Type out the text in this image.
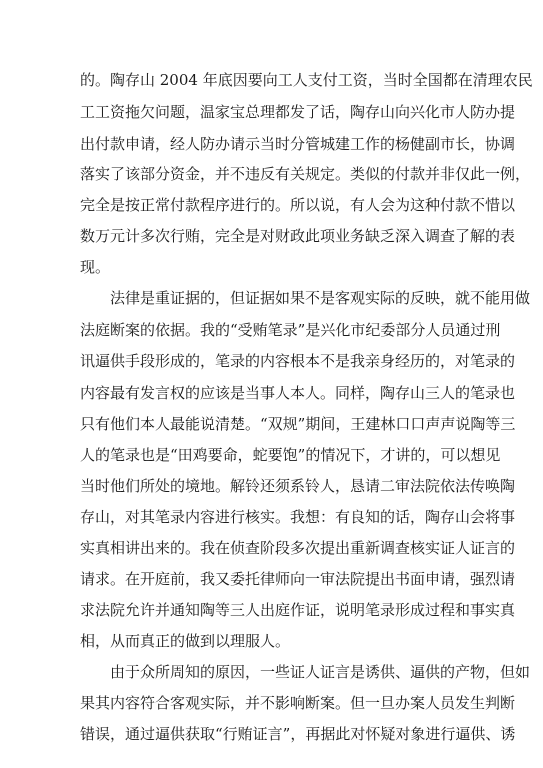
的。陶存山 2004 年底因要向工人支付工资，当时全国都在清理农民
工工资拖欠问题，温家宝总理都发了话，陶存山向兴化市人防办提
出付款申请，经人防办请示当时分管城建工作的杨健副市长，协调
落实了该部分资金，并不违反有关规定。类似的付款并非仅此一例，
完全是按正常付款程序进行的。所以说，有人会为这种付款不惜以
数万元计多次行贿，完全是对财政此项业务缺乏深入调查了解的表
现。
法律是重证据的，但证据如果不是客观实际的反映，就不能用做
法庭断案的依据。我的“受贿笔录”是兴化市纪委部分人员通过刑
讯逼供手段形成的，笔录的内容根本不是我亲身经历的，对笔录的
内容最有发言权的应该是当事人本人。同样，陶存山三人的笔录也
只有他们本人最能说清楚。“双规”期间，王建林口口声声说陶等三
人的笔录也是“田鸡要命，蛇要饱”的情况下，才讲的，可以想见
当时他们所处的境地。解铃还须系铃人，恳请二审法院依法传唤陶
存山，对其笔录内容进行核实。我想：有良知的话，陶存山会将事
实真相讲出来的。我在侦查阶段多次提出重新调查核实证人证言的
请求。在开庭前，我又委托律师向一审法院提出书面申请，强烈请
求法院允许并通知陶等三人出庭作证，说明笔录形成过程和事实真
相，从而真正的做到以理服人。
由于众所周知的原因，一些证人证言是诱供、逼供的产物，但如
果其内容符合客观实际，并不影响断案。但一旦办案人员发生判断
错误，通过逼供获取“行贿证言”，再据此对怀疑对象进行逼供、诱
